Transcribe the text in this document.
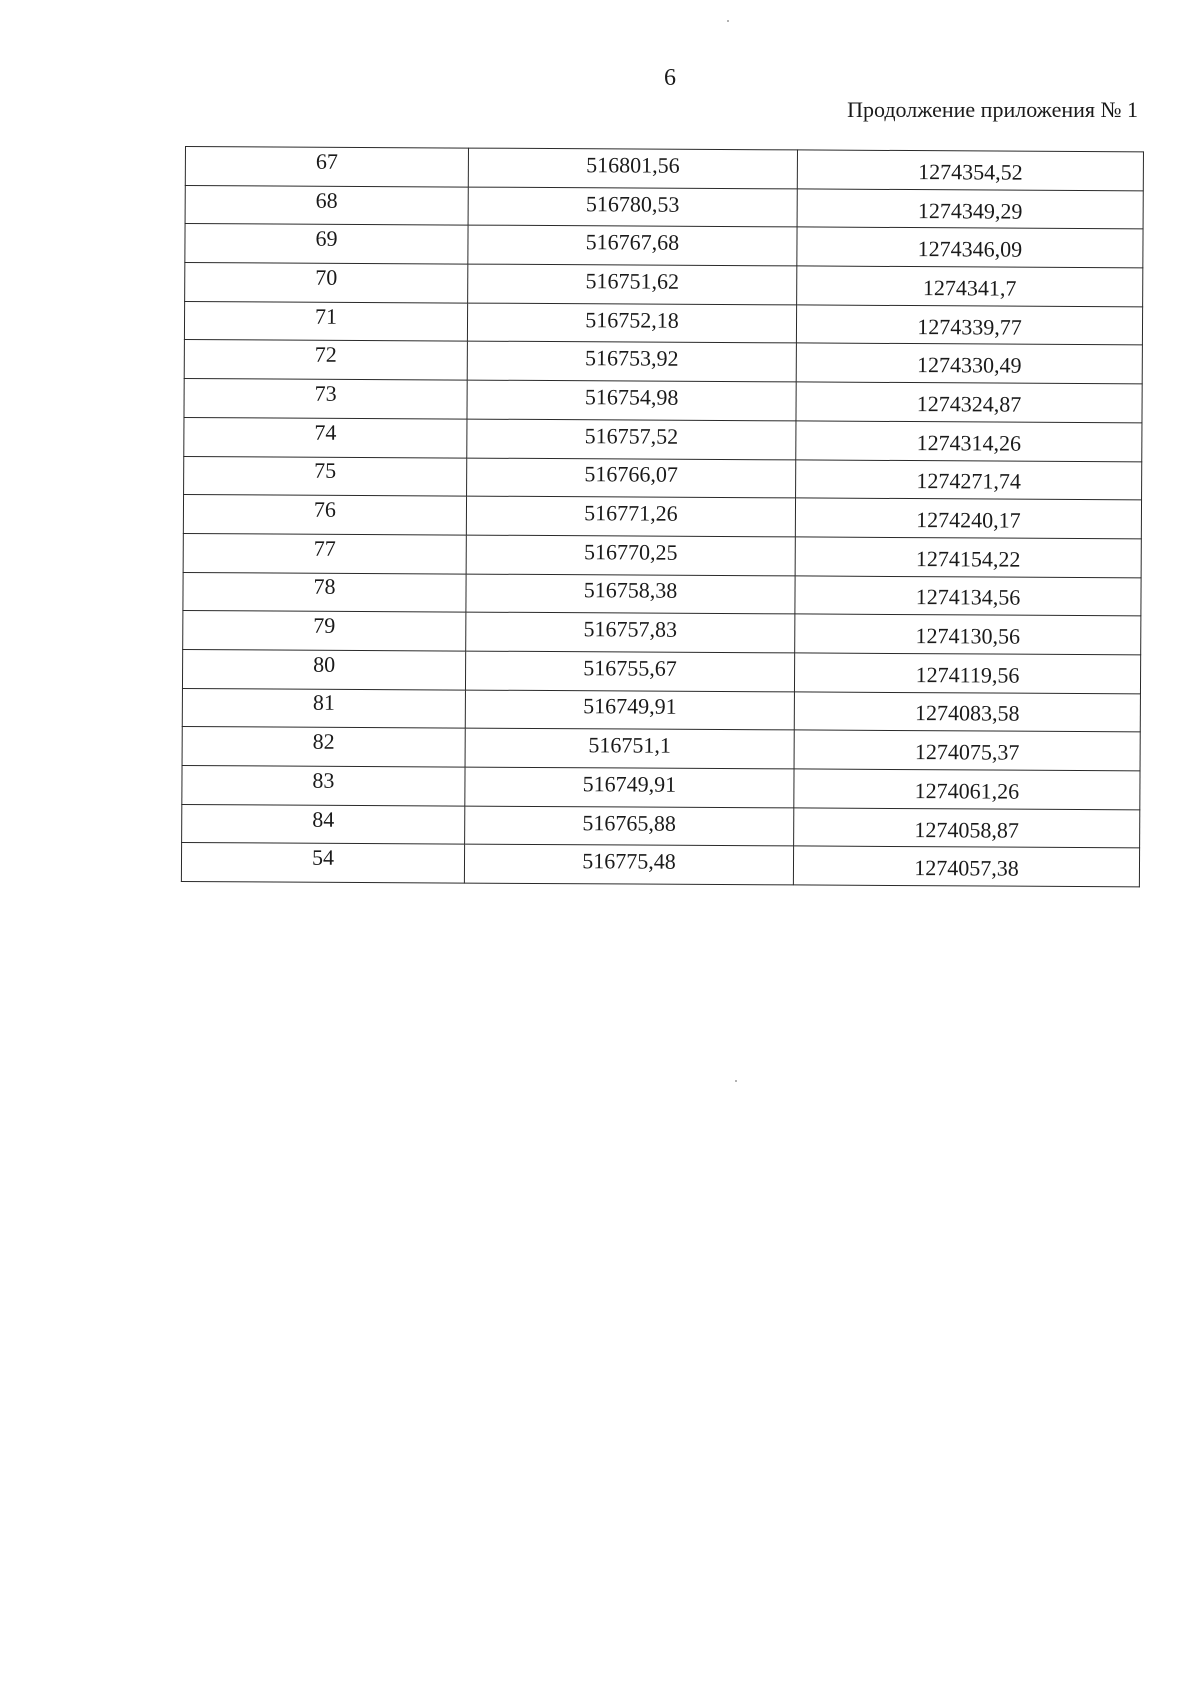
6
Продолжение приложения № 1
67	516801,56	1274354,52
68	516780,53	1274349,29
69	516767,68	1274346,09
70	516751,62	1274341,7
71	516752,18	1274339,77
72	516753,92	1274330,49
73	516754,98	1274324,87
74	516757,52	1274314,26
75	516766,07	1274271,74
76	516771,26	1274240,17
77	516770,25	1274154,22
78	516758,38	1274134,56
79	516757,83	1274130,56
80	516755,67	1274119,56
81	516749,91	1274083,58
82	516751,1	1274075,37
83	516749,91	1274061,26
84	516765,88	1274058,87
54	516775,48	1274057,38
